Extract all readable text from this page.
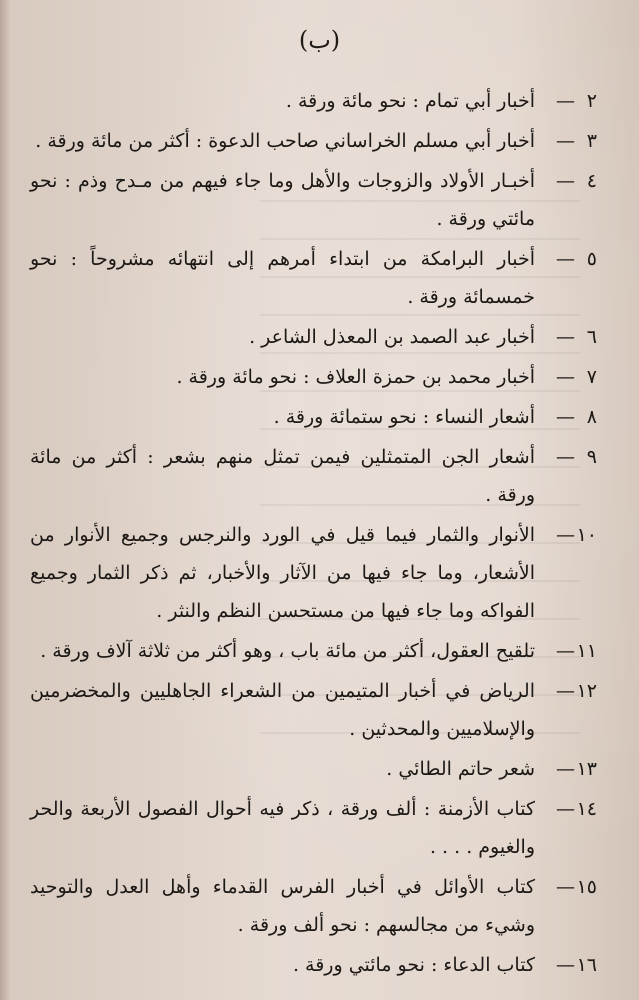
(ب)
٢
—
أخبار أبي تمام : نحو مائة ورقة .
٣
—
أخبار أبي مسلم الخراساني صاحب الدعوة : أكثر من مائة ورقة .
٤
—
أخبـار الأولاد والزوجات والأهل وما جاء فيهم من مـدح وذم : نحو مائتي ورقة .
٥
—
أخبار البرامكة من ابتداء أمرهم إلى انتهائه مشروحاً : نحو خمسمائة ورقة .
٦
—
أخبار عبد الصمد بن المعذل الشاعر .
٧
—
أخبار محمد بن حمزة العلاف : نحو مائة ورقة .
٨
—
أشعار النساء : نحو ستمائة ورقة .
٩
—
أشعار الجن المتمثلين فيمن تمثل منهم بشعر : أكثر من مائة ورقة .
١٠
—
الأنوار والثمار فيما قيل في الورد والنرجس وجميع الأنوار من الأشعار، وما جاء فيها من الآثار والأخبار، ثم ذكر الثمار وجميع الفواكه وما جاء فيها من مستحسن النظم والنثر .
١١
—
تلقيح العقول، أكثر من مائة باب ، وهو أكثر من ثلاثة آلاف ورقة .
١٢
—
الرياض في أخبار المتيمين من الشعراء الجاهليين والمخضرمين والإسلاميين والمحدثين .
١٣
—
شعر حاتم الطائي .
١٤
—
كتاب الأزمنة : ألف ورقة ، ذكر فيه أحوال الفصول الأربعة والحر والغيوم . . . .
١٥
—
كتاب الأوائل في أخبار الفرس القدماء وأهل العدل والتوحيد وشيء من مجالسهم : نحو ألف ورقة .
١٦
—
كتاب الدعاء : نحو مائتي ورقة .
